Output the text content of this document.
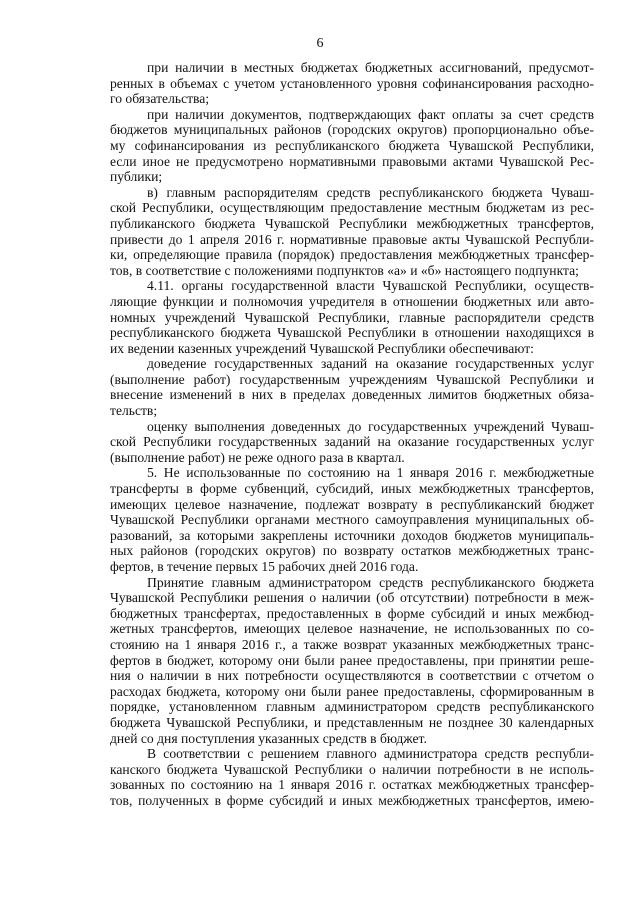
6

при наличии в местных бюджетах бюджетных ассигнований, предусмот-
ренных в объемах с учетом установленного уровня софинансирования расходно-
го обязательства;

при наличии документов, подтверждающих факт оплаты за счет средств
бюджетов муниципальных районов (городских округов) пропорционально объе-
му софинансирования из республиканского бюджета Чувашской Республики,
если иное не предусмотрено нормативными правовыми актами Чувашской Рес-
публики;

в) главным распорядителям средств республиканского бюджета Чуваш-
ской Республики, осуществляющим предоставление местным бюджетам из рес-
публиканского бюджета Чувашской Республики межбюджетных трансфертов,
привести до 1 апреля 2016 г. нормативные правовые акты Чувашской Республи-
ки, определяющие правила (порядок) предоставления межбюджетных трансфер-
тов, в соответствие с положениями подпунктов «а» и «б» настоящего подпункта;

4.11. органы государственной власти Чувашской Республики, осуществ-
ляющие функции и полномочия учредителя в отношении бюджетных или авто-
номных учреждений Чувашской Республики, главные распорядители средств
республиканского бюджета Чувашской Республики в отношении находящихся в
их ведении казенных учреждений Чувашской Республики обеспечивают:

доведение государственных заданий на оказание государственных услуг
(выполнение работ) государственным учреждениям Чувашской Республики и
внесение изменений в них в пределах доведенных лимитов бюджетных обяза-
тельств;

оценку выполнения доведенных до государственных учреждений Чуваш-
ской Республики государственных заданий на оказание государственных услуг
(выполнение работ) не реже одного раза в квартал.

5. Не использованные по состоянию на 1 января 2016 г. межбюджетные
трансферты в форме субвенций, субсидий, иных межбюджетных трансфертов,
имеющих целевое назначение, подлежат возврату в республиканский бюджет
Чувашской Республики органами местного самоуправления муниципальных об-
разований, за которыми закреплены источники доходов бюджетов муниципаль-
ных районов (городских округов) по возврату остатков межбюджетных транс-
фертов, в течение первых 15 рабочих дней 2016 года.

Принятие главным администратором средств республиканского бюджета
Чувашской Республики решения о наличии (об отсутствии) потребности в меж-
бюджетных трансфертах, предоставленных в форме субсидий и иных межбюд-
жетных трансфертов, имеющих целевое назначение, не использованных по со-
стоянию на 1 января 2016 г., а также возврат указанных межбюджетных транс-
фертов в бюджет, которому они были ранее предоставлены, при принятии реше-
ния о наличии в них потребности осуществляются в соответствии с отчетом о
расходах бюджета, которому они были ранее предоставлены, сформированным в
порядке, установленном главным администратором средств республиканского
бюджета Чувашской Республики, и представленным не позднее 30 календарных
дней со дня поступления указанных средств в бюджет.

В соответствии с решением главного администратора средств республи-
канского бюджета Чувашской Республики о наличии потребности в не исполь-
зованных по состоянию на 1 января 2016 г. остатках межбюджетных трансфер-
тов, полученных в форме субсидий и иных межбюджетных трансфертов, имею-
